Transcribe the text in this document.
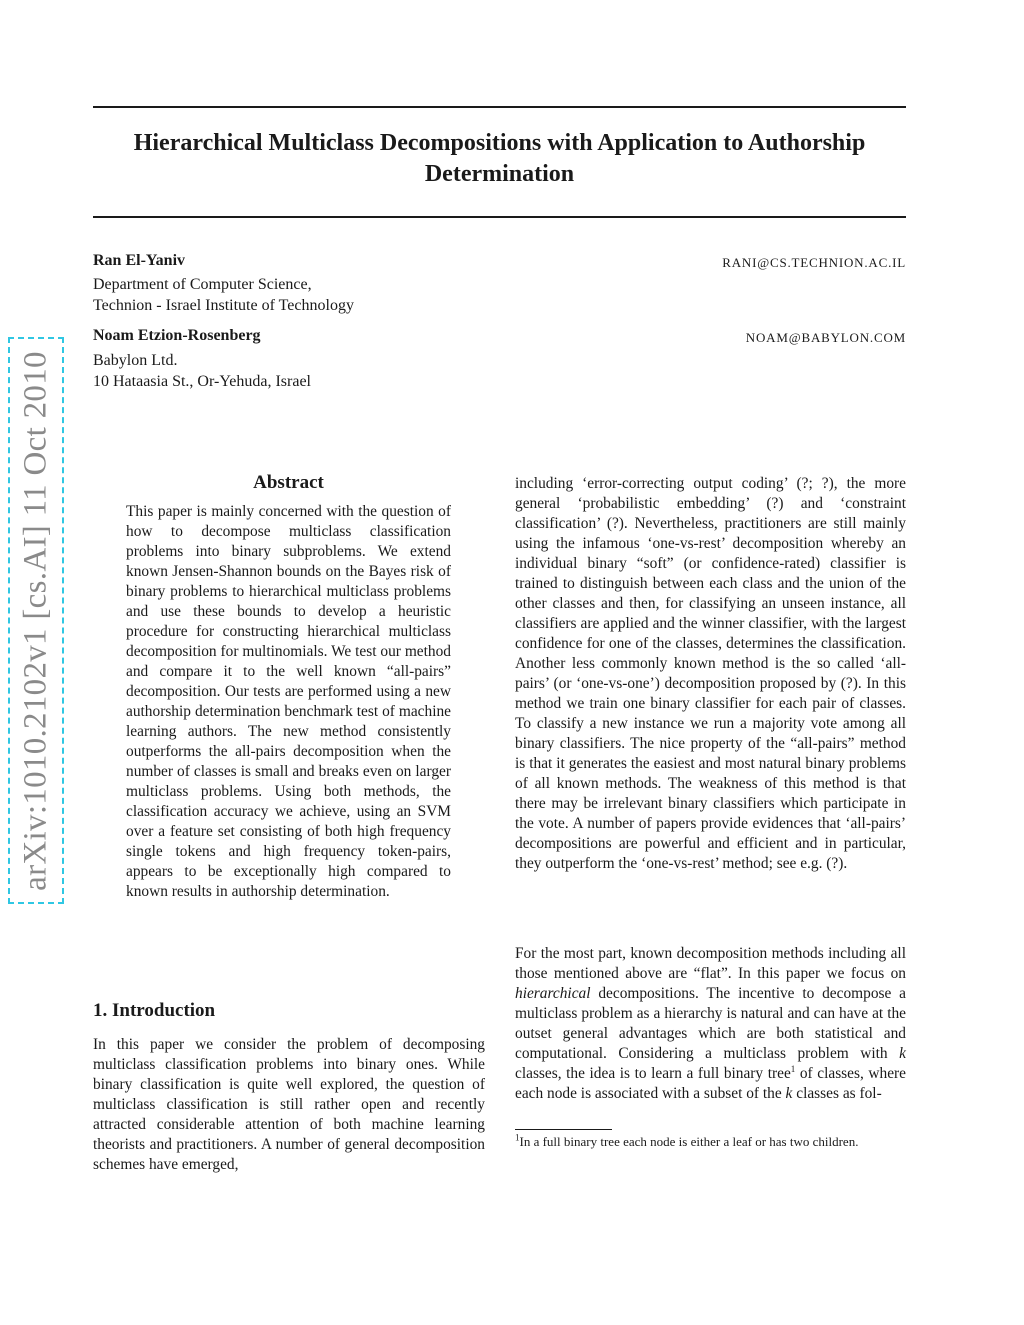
Hierarchical Multiclass Decompositions with Application to Authorship Determination
Ran El-Yaniv	RANI@CS.TECHNION.AC.IL
Department of Computer Science,
Technion - Israel Institute of Technology
Noam Etzion-Rosenberg	NOAM@BABYLON.COM
Babylon Ltd.
10 Hataasia St., Or-Yehuda, Israel
arXiv:1010.2102v1 [cs.AI] 11 Oct 2010	Abstract

This paper is mainly concerned with the question of how to decompose multiclass classification problems into binary subproblems. We extend known Jensen-Shannon bounds on the Bayes risk of binary problems to hierarchical multiclass problems and use these bounds to develop a heuristic procedure for constructing hierarchical multiclass decomposition for multinomials. We test our method and compare it to the well known “all-pairs” decomposition. Our tests are performed using a new authorship determination benchmark test of machine learning authors. The new method consistently outperforms the all-pairs decomposition when the number of classes is small and breaks even on larger multiclass problems. Using both methods, the classification accuracy we achieve, using an SVM over a feature set consisting of both high frequency single tokens and high frequency token-pairs, appears to be exceptionally high compared to known results in authorship determination.

1. Introduction

In this paper we consider the problem of decomposing multiclass classification problems into binary ones. While binary classification is quite well explored, the question of multiclass classification is still rather open and recently attracted considerable attention of both machine learning theorists and practitioners. A number of general decomposition schemes have emerged,

including ‘error-correcting output coding’ (?; ?), the more general ‘probabilistic embedding’ (?) and ‘constraint classification’ (?). Nevertheless, practitioners are still mainly using the infamous ‘one-vs-rest’ decomposition whereby an individual binary “soft” (or confidence-rated) classifier is trained to distinguish between each class and the union of the other classes and then, for classifying an unseen instance, all classifiers are applied and the winner classifier, with the largest confidence for one of the classes, determines the classification. Another less commonly known method is the so called ‘all-pairs’ (or ‘one-vs-one’) decomposition proposed by (?). In this method we train one binary classifier for each pair of classes. To classify a new instance we run a majority vote among all binary classifiers. The nice property of the “all-pairs” method is that it generates the easiest and most natural binary problems of all known methods. The weakness of this method is that there may be irrelevant binary classifiers which participate in the vote. A number of papers provide evidences that ‘all-pairs’ decompositions are powerful and efficient and in particular, they outperform the ‘one-vs-rest’ method; see e.g. (?).

For the most part, known decomposition methods including all those mentioned above are “flat”. In this paper we focus on hierarchical decompositions. The incentive to decompose a multiclass problem as a hierarchy is natural and can have at the outset general advantages which are both statistical and computational. Considering a multiclass problem with k classes, the idea is to learn a full binary tree$^1$ of classes, where each node is associated with a subset of the k classes as fol-

$^1$In a full binary tree each node is either a leaf or has two children.
